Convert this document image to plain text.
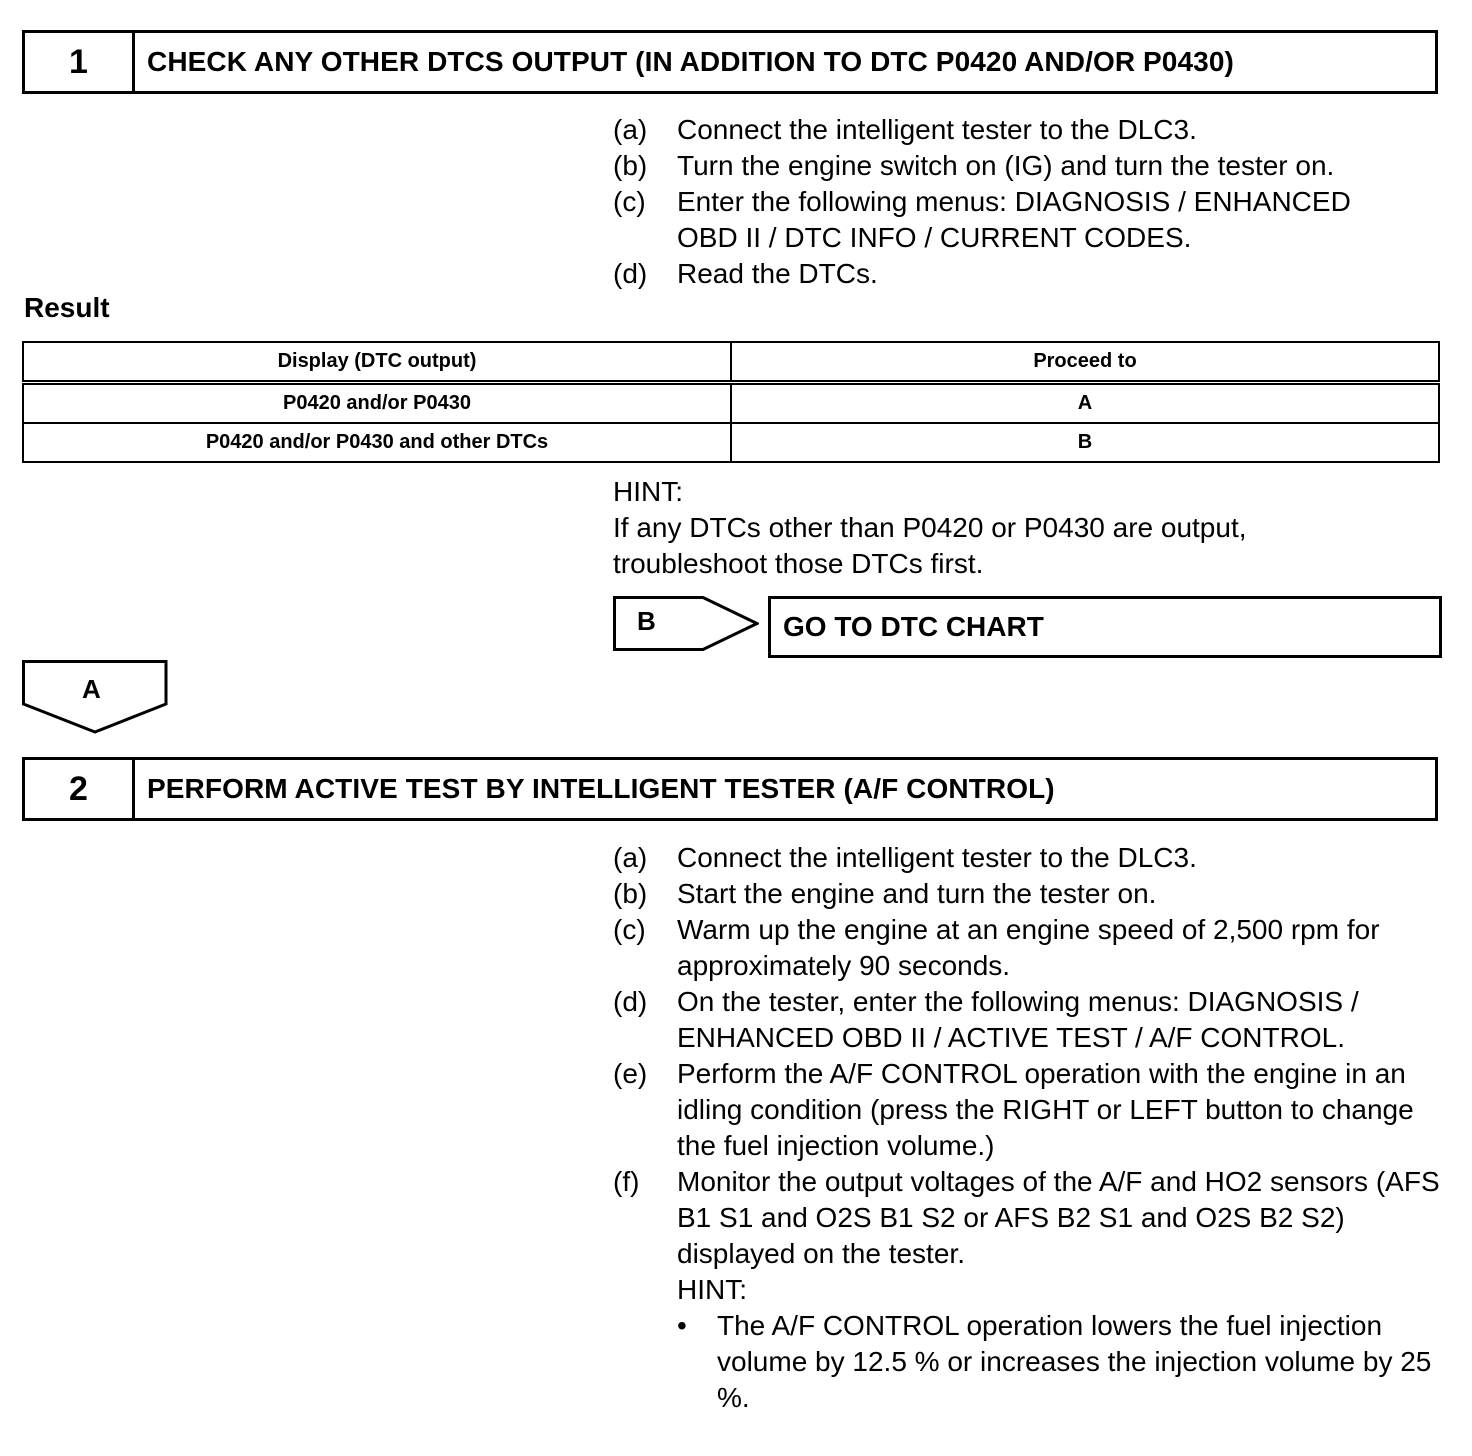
1	CHECK ANY OTHER DTCS OUTPUT (IN ADDITION TO DTC P0420 AND/OR P0430)
(a) Connect the intelligent tester to the DLC3.
(b) Turn the engine switch on (IG) and turn the tester on.
(c) Enter the following menus: DIAGNOSIS / ENHANCED OBD II / DTC INFO / CURRENT CODES.
(d) Read the DTCs.
Result
Display (DTC output)	Proceed to
P0420 and/or P0430	A
P0420 and/or P0430 and other DTCs	B
HINT:
If any DTCs other than P0420 or P0430 are output, troubleshoot those DTCs first.
B	GO TO DTC CHART
A
2	PERFORM ACTIVE TEST BY INTELLIGENT TESTER (A/F CONTROL)
(a) Connect the intelligent tester to the DLC3.
(b) Start the engine and turn the tester on.
(c) Warm up the engine at an engine speed of 2,500 rpm for approximately 90 seconds.
(d) On the tester, enter the following menus: DIAGNOSIS / ENHANCED OBD II / ACTIVE TEST / A/F CONTROL.
(e) Perform the A/F CONTROL operation with the engine in an idling condition (press the RIGHT or LEFT button to change the fuel injection volume.)
(f) Monitor the output voltages of the A/F and HO2 sensors (AFS B1 S1 and O2S B1 S2 or AFS B2 S1 and O2S B2 S2) displayed on the tester.
HINT:
• The A/F CONTROL operation lowers the fuel injection volume by 12.5 % or increases the injection volume by 25 %.
